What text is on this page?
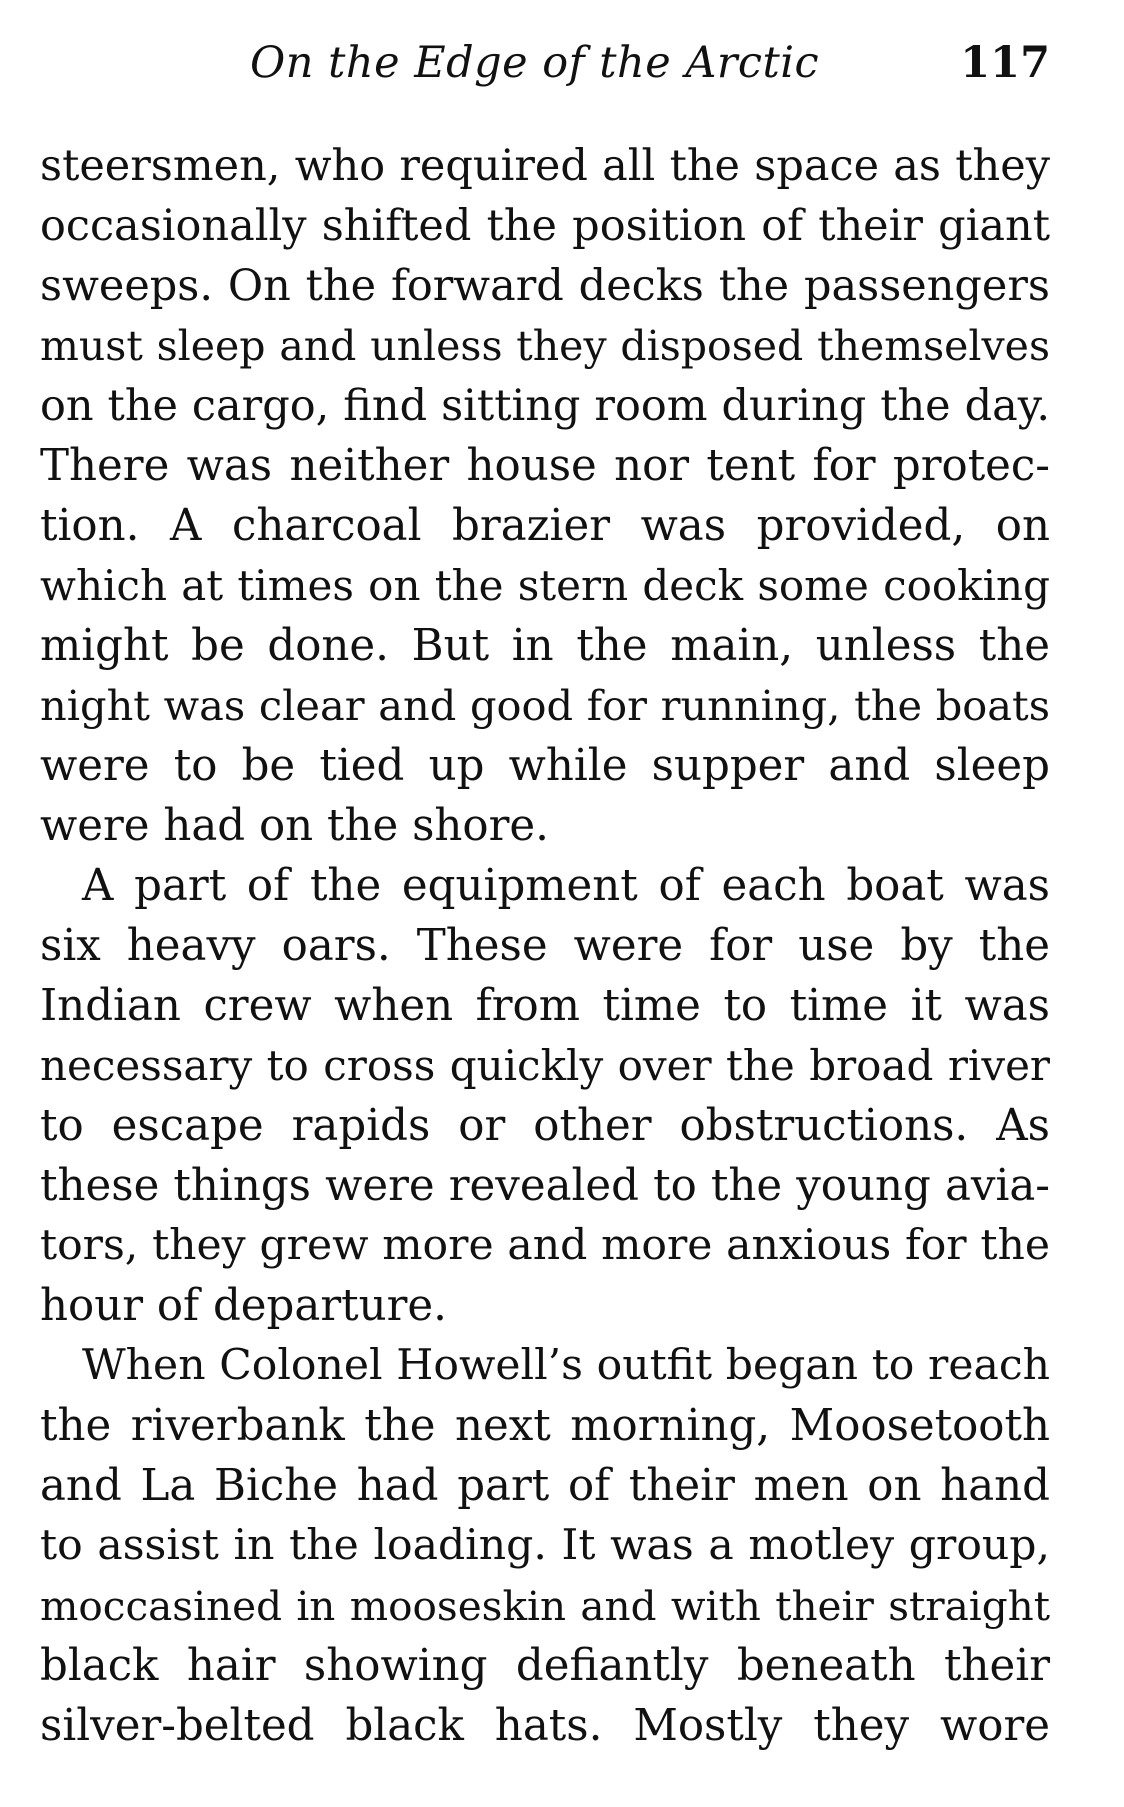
On the Edge of the Arctic	117
steersmen, who required all the space as they
occasionally shifted the position of their giant
sweeps. On the forward decks the passengers
must sleep and unless they disposed themselves
on the cargo, find sitting room during the day.
There was neither house nor tent for protec-
tion. A charcoal brazier was provided, on
which at times on the stern deck some cooking
might be done. But in the main, unless the
night was clear and good for running, the boats
were to be tied up while supper and sleep
were had on the shore.
A part of the equipment of each boat was
six heavy oars. These were for use by the
Indian crew when from time to time it was
necessary to cross quickly over the broad river
to escape rapids or other obstructions. As
these things were revealed to the young avia-
tors, they grew more and more anxious for the
hour of departure.
When Colonel Howell’s outfit began to reach
the riverbank the next morning, Moosetooth
and La Biche had part of their men on hand
to assist in the loading. It was a motley group,
moccasined in mooseskin and with their straight
black hair showing defiantly beneath their
silver-belted black hats. Mostly they wore
